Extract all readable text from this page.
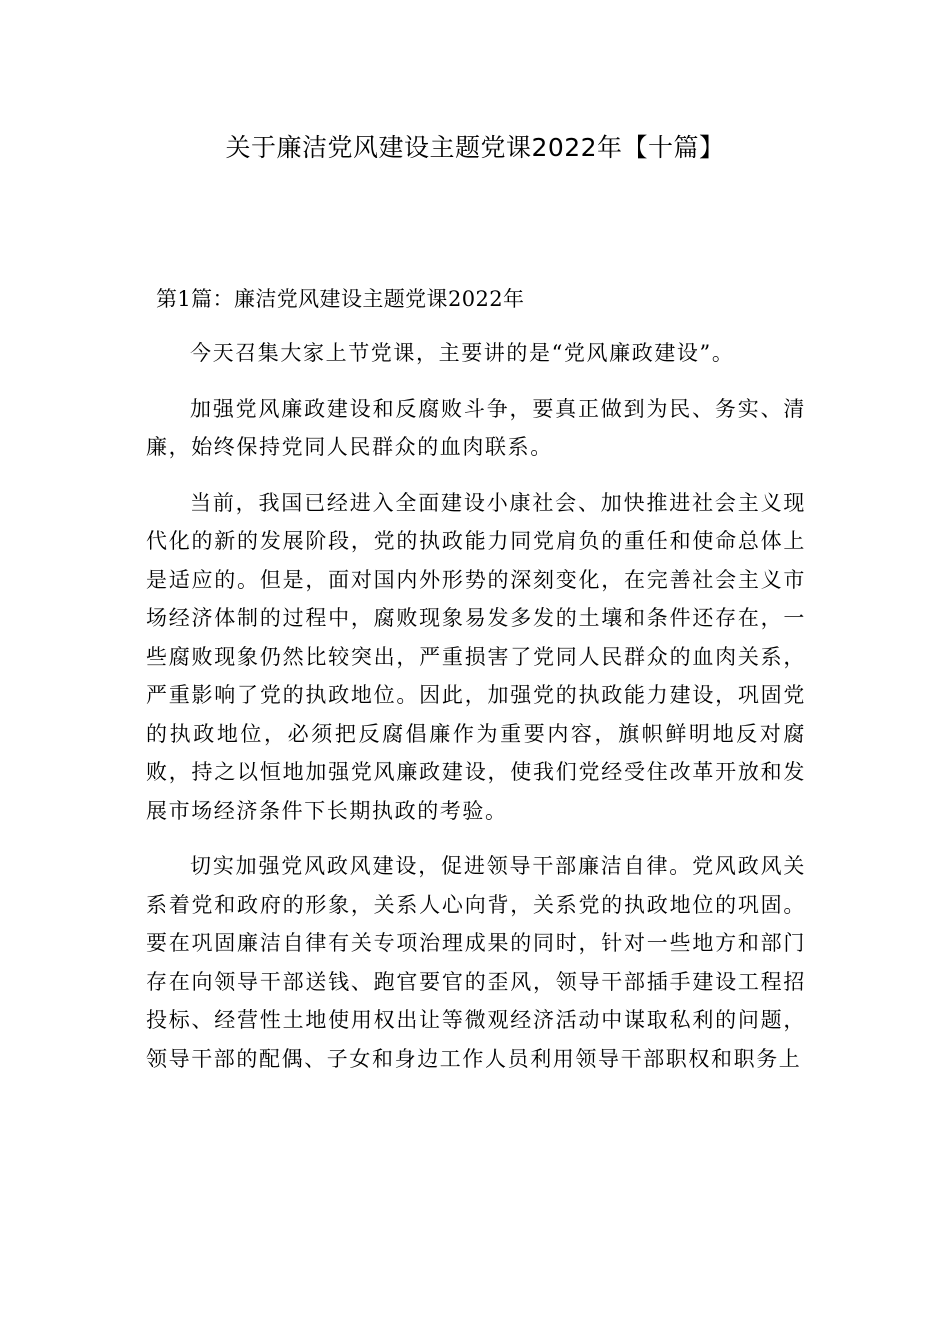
关于廉洁党风建设主题党课2022年【十篇】

第1篇：廉洁党风建设主题党课2022年

今天召集大家上节党课，主要讲的是“党风廉政建设”。

加强党风廉政建设和反腐败斗争，要真正做到为民、务实、清廉，始终保持党同人民群众的血肉联系。

当前，我国已经进入全面建设小康社会、加快推进社会主义现代化的新的发展阶段，党的执政能力同党肩负的重任和使命总体上是适应的。但是，面对国内外形势的深刻变化，在完善社会主义市场经济体制的过程中，腐败现象易发多发的土壤和条件还存在，一些腐败现象仍然比较突出，严重损害了党同人民群众的血肉关系，严重影响了党的执政地位。因此，加强党的执政能力建设，巩固党的执政地位，必须把反腐倡廉作为重要内容，旗帜鲜明地反对腐败，持之以恒地加强党风廉政建设，使我们党经受住改革开放和发展市场经济条件下长期执政的考验。

切实加强党风政风建设，促进领导干部廉洁自律。党风政风关系着党和政府的形象，关系人心向背，关系党的执政地位的巩固。要在巩固廉洁自律有关专项治理成果的同时，针对一些地方和部门存在向领导干部送钱、跑官要官的歪风，领导干部插手建设工程招投标、经营性土地使用权出让等微观经济活动中谋取私利的问题，领导干部的配偶、子女和身边工作人员利用领导干部职权和职务上
